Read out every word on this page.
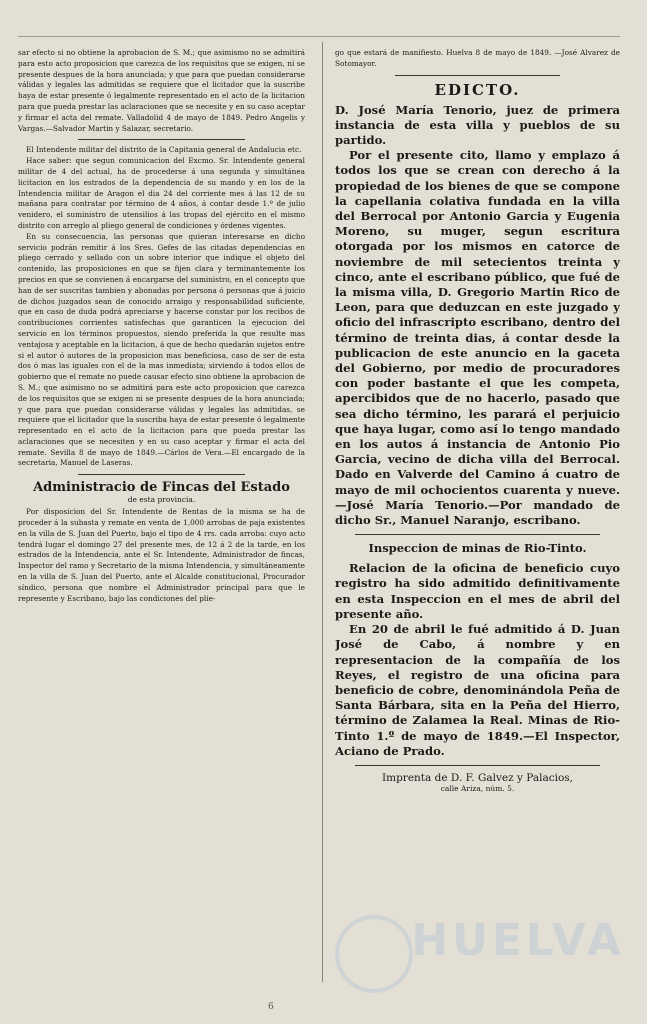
sar efecto si no obtiene la aprobacion de S. M.; que asimismo no se admitirá para esto acto proposicion que carezca de los requisitos que se exigen, ni se presente despues de la hora anunciada; y que para que puedan considerarse válidas y legales las admitidas se requiere que el licitador que la suscribe haya de estar presente ó legalmente representado en el acto de la licitacion para que pueda prestar las aclaraciones que se necesite y en su caso aceptar y firmar el acta del remate. Valladolid 4 de mayo de 1849. Pedro Angelis y Vargas.—Salvador Martin y Salazar, secretario.

El Intendente militar del distrito de la Capitania general de Andalucia etc.

Hace saber: que segun comunicacion del Excmo. Sr. Intendente general militar de 4 del actual, ha de procederse á una segunda y simultánea licitacion en los estrados de la dependencia de su mando y en los de la Intendencia militar de Aragon el dia 24 del corriente mes á las 12 de su mañana para contratar por término de 4 años, á contar desde 1.º de julio venidero, el suministro de utensilios á las tropas del ejército en el mismo distrito con arreglo al pliego general de condiciones y órdenes vigentes.

En su consecuencia, las personas que quieran interesarse en dicho servicio podrán remitir á los Sres. Gefes de las citadas dependencias en pliego cerrado y sellado con un sobre interior que indique el objeto del contenido, las proposiciones en que se fijen clara y terminantemente los precios en que se convienen á encargarse del suministro, en el concepto que han de ser suscritas tambien y abonadas por persona ó personas que á juicio de dichos juzgados sean de conocido arraigo y responsabilidad suficiente, que en caso de duda podrá apreciarse y hacerse constar por los recibos de contribuciones corrientes satisfechas que garanticen la ejecucion del servicio en los términos propuestos, siendo preferida la que resulte mas ventajosa y aceptable en la licitacion, á que de hecho quedarán sujetos entre si el autor ó autores de la proposicion mas beneficiosa, caso de ser de esta dos ó mas las iguales con el de la mas inmediata; sirviendo á todos ellos de gobierno que el remate no puede causar efecto sino obtiene la aprobacion de S. M.; que asimismo no se admitirá para este acto proposicion que carezca de los requisitos que se exigen ni se presente despues de la hora anunciada; y que para que puedan considerarse válidas y legales las admitidas, se requiere que el licitador que la suscriba haya de estar presente ó legalmente representado en el acto de la licitacion para que pueda prestar las aclaraciones que se necesiten y en su caso aceptar y firmar el acta del remate. Sevilla 8 de mayo de 1849.—Cárlos de Vera.—El encargado de la secretaria, Manuel de Laseras.

Administracio de Fincas del Estado
de esta provincia.

Por disposicion del Sr. Intendente de Rentas de la misma se ha de proceder á la subasta y remate en venta de 1,000 arrobas de paja existentes en la villa de S. Juan del Puerto, bajo el tipo de 4 rrs. cada arroba: cuyo acto tendrá lugar el domingo 27 del presente mes, de 12 á 2 de la tarde, en los estrados de la Intendencia, ante el Sr. Intendente, Administrador de fincas, Inspector del ramo y Secretario de la misma Intendencia, y simultáneamente en la villa de S. Juan del Puerto, ante el Alcalde constitucional, Procurador síndico, persona que nombre el Administrador principal para que le represente y Escribano, bajo las condiciones del plie-

go que estará de manifiesto. Huelva 8 de mayo de 1849. —José Alvarez de Sotomayor.

EDICTO.

D. José María Tenorio, juez de primera instancia de esta villa y pueblos de su partido.

Por el presente cito, llamo y emplazo á todos los que se crean con derecho á la propiedad de los bienes de que se compone la capellania colativa fundada en la villa del Berrocal por Antonio Garcia y Eugenia Moreno, su muger, segun escritura otorgada por los mismos en catorce de noviembre de mil setecientos treinta y cinco, ante el escribano público, que fué de la misma villa, D. Gregorio Martin Rico de Leon, para que deduzcan en este juzgado y oficio del infrascripto escribano, dentro del término de treinta dias, á contar desde la publicacion de este anuncio en la gaceta del Gobierno, por medio de procuradores con poder bastante el que les competa, apercibidos que de no hacerlo, pasado que sea dicho término, les parará el perjuicio que haya lugar, como así lo tengo mandado en los autos á instancia de Antonio Pio Garcia, vecino de dicha villa del Berrocal. Dado en Valverde del Camino á cuatro de mayo de mil ochocientos cuarenta y nueve.—José María Tenorio.—Por mandado de dicho Sr., Manuel Naranjo, escribano.

Inspeccion de minas de Rio-Tinto.

Relacion de la oficina de beneficio cuyo registro ha sido admitido definitivamente en esta Inspeccion en el mes de abril del presente año.

En 20 de abril le fué admitido á D. Juan José de Cabo, á nombre y en representacion de la compañía de los Reyes, el registro de una oficina para beneficio de cobre, denominándola Peña de Santa Bárbara, sita en la Peña del Hierro, término de Zalamea la Real. Minas de Rio-Tinto 1.º de mayo de 1849.—El Inspector, Aciano de Prado.

Imprenta de D. F. Galvez y Palacios,
calle Ariza, núm. 5.
HUELVA
6
